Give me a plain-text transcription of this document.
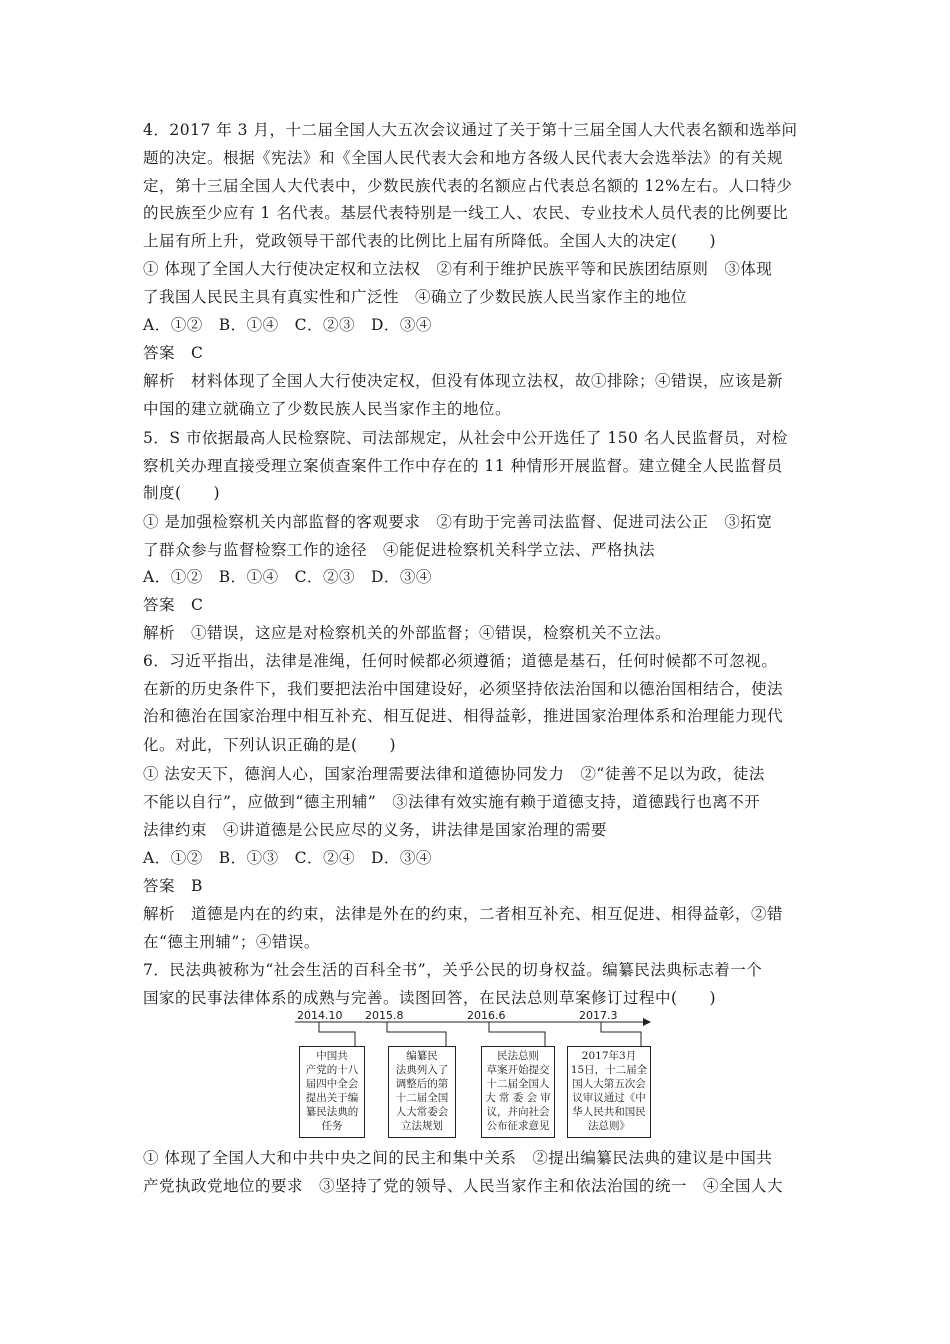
4．2017 年 3 月，十二届全国人大五次会议通过了关于第十三届全国人大代表名额和选举问
题的决定。根据《宪法》和《全国人民代表大会和地方各级人民代表大会选举法》的有关规
定，第十三届全国人大代表中，少数民族代表的名额应占代表总名额的 12%左右。人口特少
的民族至少应有 1 名代表。基层代表特别是一线工人、农民、专业技术人员代表的比例要比
上届有所上升，党政领导干部代表的比例比上届有所降低。全国人大的决定(　　)
① 体现了全国人大行使决定权和立法权　②有利于维护民族平等和民族团结原则　③体现
了我国人民民主具有真实性和广泛性　④确立了少数民族人民当家作主的地位
A．①②　B．①④　C．②③　D．③④
答案　C
解析　材料体现了全国人大行使决定权，但没有体现立法权，故①排除；④错误，应该是新
中国的建立就确立了少数民族人民当家作主的地位。
5．S 市依据最高人民检察院、司法部规定，从社会中公开选任了 150 名人民监督员，对检
察机关办理直接受理立案侦查案件工作中存在的 11 种情形开展监督。建立健全人民监督员
制度(　　)
① 是加强检察机关内部监督的客观要求　②有助于完善司法监督、促进司法公正　③拓宽
了群众参与监督检察工作的途径　④能促进检察机关科学立法、严格执法
A．①②　B．①④　C．②③　D．③④
答案　C
解析　①错误，这应是对检察机关的外部监督；④错误，检察机关不立法。
6．习近平指出，法律是准绳，任何时候都必须遵循；道德是基石，任何时候都不可忽视。
在新的历史条件下，我们要把法治中国建设好，必须坚持依法治国和以德治国相结合，使法
治和德治在国家治理中相互补充、相互促进、相得益彰，推进国家治理体系和治理能力现代
化。对此，下列认识正确的是(　　)
① 法安天下，德润人心，国家治理需要法律和道德协同发力　②“徒善不足以为政，徒法
不能以自行”，应做到“德主刑辅”　③法律有效实施有赖于道德支持，道德践行也离不开
法律约束　④讲道德是公民应尽的义务，讲法律是国家治理的需要
A．①②　B．①③　C．②④　D．③④
答案　B
解析　道德是内在的约束，法律是外在的约束，二者相互补充、相互促进、相得益彰，②错
在“德主刑辅”；④错误。
7．民法典被称为“社会生活的百科全书”，关乎公民的切身权益。编纂民法典标志着一个
国家的民事法律体系的成熟与完善。读图回答，在民法总则草案修订过程中(　　)
2014.10 2015.8	2016.6	2017.3
中国共
产党的十八
届四中全会
提出关于编
纂民法典的
任务
编纂民
法典列入了
调整后的第
十二届全国
人大常委会
立法规划
民法总则
草案开始提交
十二届全国人
大 常 委 会 审
议，并向社会
公布征求意见
2017年3月
15日，十二届全
国人大第五次会
议审议通过《中
华人民共和国民
法总则》
① 体现了全国人大和中共中央之间的民主和集中关系　②提出编纂民法典的建议是中国共
产党执政党地位的要求　③坚持了党的领导、人民当家作主和依法治国的统一　④全国人大
